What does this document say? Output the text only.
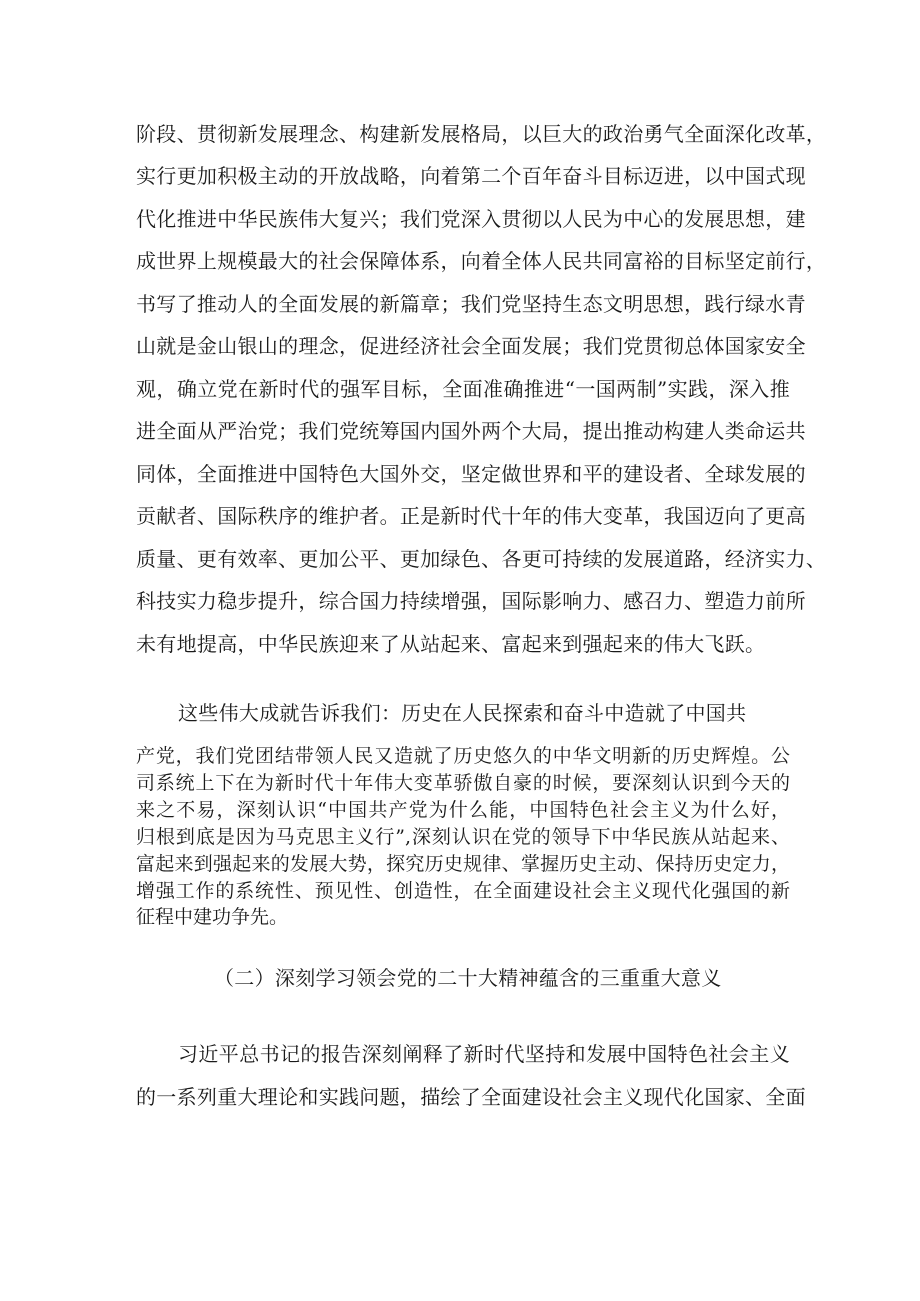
阶段、贯彻新发展理念、构建新发展格局，以巨大的政治勇气全面深化改革，
实行更加积极主动的开放战略，向着第二个百年奋斗目标迈进，以中国式现
代化推进中华民族伟大复兴；我们党深入贯彻以人民为中心的发展思想，建
成世界上规模最大的社会保障体系，向着全体人民共同富裕的目标坚定前行，
书写了推动人的全面发展的新篇章；我们党坚持生态文明思想，践行绿水青
山就是金山银山的理念，促进经济社会全面发展；我们党贯彻总体国家安全
观，确立党在新时代的强军目标，全面准确推进“一国两制”实践，深入推
进全面从严治党；我们党统筹国内国外两个大局，提出推动构建人类命运共
同体，全面推进中国特色大国外交，坚定做世界和平的建设者、全球发展的
贡献者、国际秩序的维护者。正是新时代十年的伟大变革，我国迈向了更高
质量、更有效率、更加公平、更加绿色、各更可持续的发展道路，经济实力、
科技实力稳步提升，综合国力持续增强，国际影响力、感召力、塑造力前所
未有地提高，中华民族迎来了从站起来、富起来到强起来的伟大飞跃。
这些伟大成就告诉我们：历史在人民探索和奋斗中造就了中国共
产党，我们党团结带领人民又造就了历史悠久的中华文明新的历史辉煌。公
司系统上下在为新时代十年伟大变革骄傲自豪的时候，要深刻认识到今天的
来之不易，深刻认识“中国共产党为什么能，中国特色社会主义为什么好，
归根到底是因为马克思主义行”,深刻认识在党的领导下中华民族从站起来、
富起来到强起来的发展大势，探究历史规律、掌握历史主动、保持历史定力，
增强工作的系统性、预见性、创造性，在全面建设社会主义现代化强国的新
征程中建功争先。
（二）深刻学习领会党的二十大精神蕴含的三重重大意义
习近平总书记的报告深刻阐释了新时代坚持和发展中国特色社会主义
的一系列重大理论和实践问题，描绘了全面建设社会主义现代化国家、全面
